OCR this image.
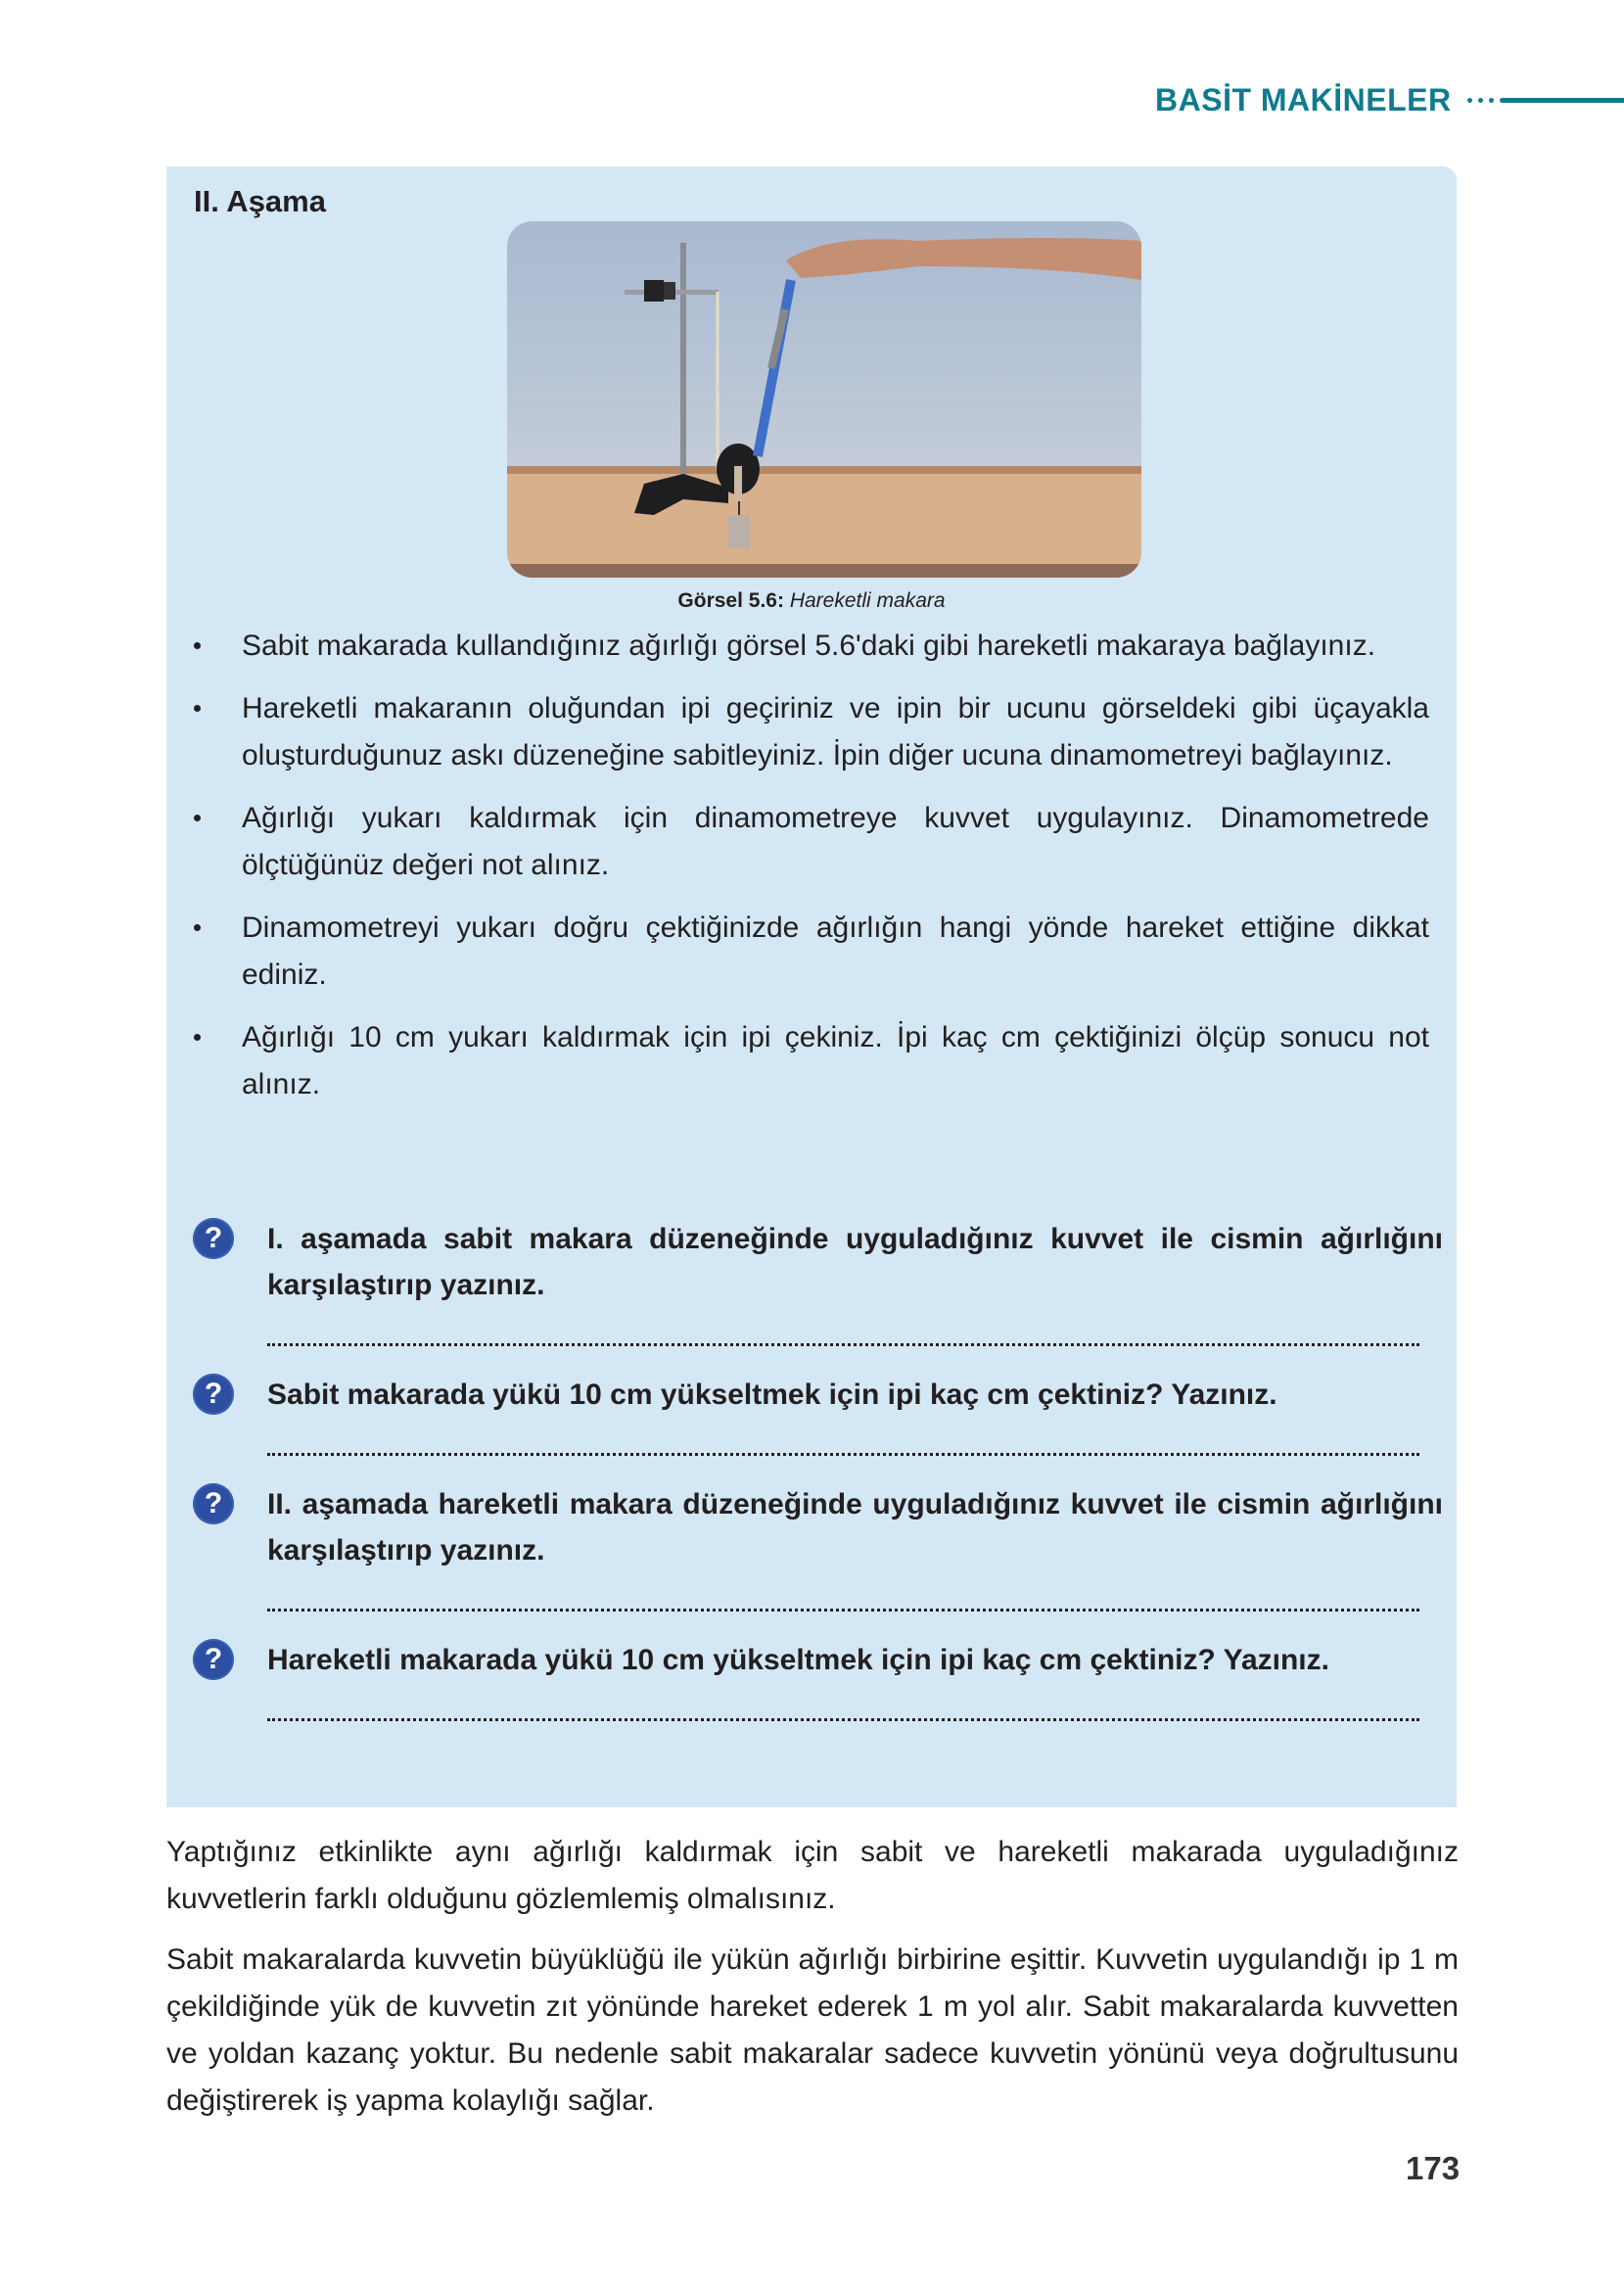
BASİT MAKİNELER
II. Aşama
Görsel 5.6: Hareketli makara
Sabit makarada kullandığınız ağırlığı görsel 5.6'daki gibi hareketli makaraya bağlayınız.
Hareketli makaranın oluğundan ipi geçiriniz ve ipin bir ucunu görseldeki gibi üçayakla oluşturduğunuz askı düzeneğine sabitleyiniz. İpin diğer ucuna dinamometreyi bağlayınız.
Ağırlığı yukarı kaldırmak için dinamometreye kuvvet uygulayınız. Dinamometrede ölçtüğünüz değeri not alınız.
Dinamometreyi yukarı doğru çektiğinizde ağırlığın hangi yönde hareket ettiğine dikkat ediniz.
Ağırlığı 10 cm yukarı kaldırmak için ipi çekiniz. İpi kaç cm çektiğinizi ölçüp sonucu not alınız.
?	I. aşamada sabit makara düzeneğinde uyguladığınız kuvvet ile cismin ağırlığını karşılaştırıp yazınız.
?	Sabit makarada yükü 10 cm yükseltmek için ipi kaç cm çektiniz? Yazınız.
?	II. aşamada hareketli makara düzeneğinde uyguladığınız kuvvet ile cismin ağırlığını karşılaştırıp yazınız.
?	Hareketli makarada yükü 10 cm yükseltmek için ipi kaç cm çektiniz? Yazınız.

Yaptığınız etkinlikte aynı ağırlığı kaldırmak için sabit ve hareketli makarada uyguladığınız kuvvetlerin farklı olduğunu gözlemlemiş olmalısınız.

Sabit makaralarda kuvvetin büyüklüğü ile yükün ağırlığı birbirine eşittir. Kuvvetin uygulandığı ip 1 m çekildiğinde yük de kuvvetin zıt yönünde hareket ederek 1 m yol alır. Sabit makaralarda kuvvetten ve yoldan kazanç yoktur. Bu nedenle sabit makaralar sadece kuvvetin yönünü veya doğrultusunu değiştirerek iş yapma kolaylığı sağlar.

173
